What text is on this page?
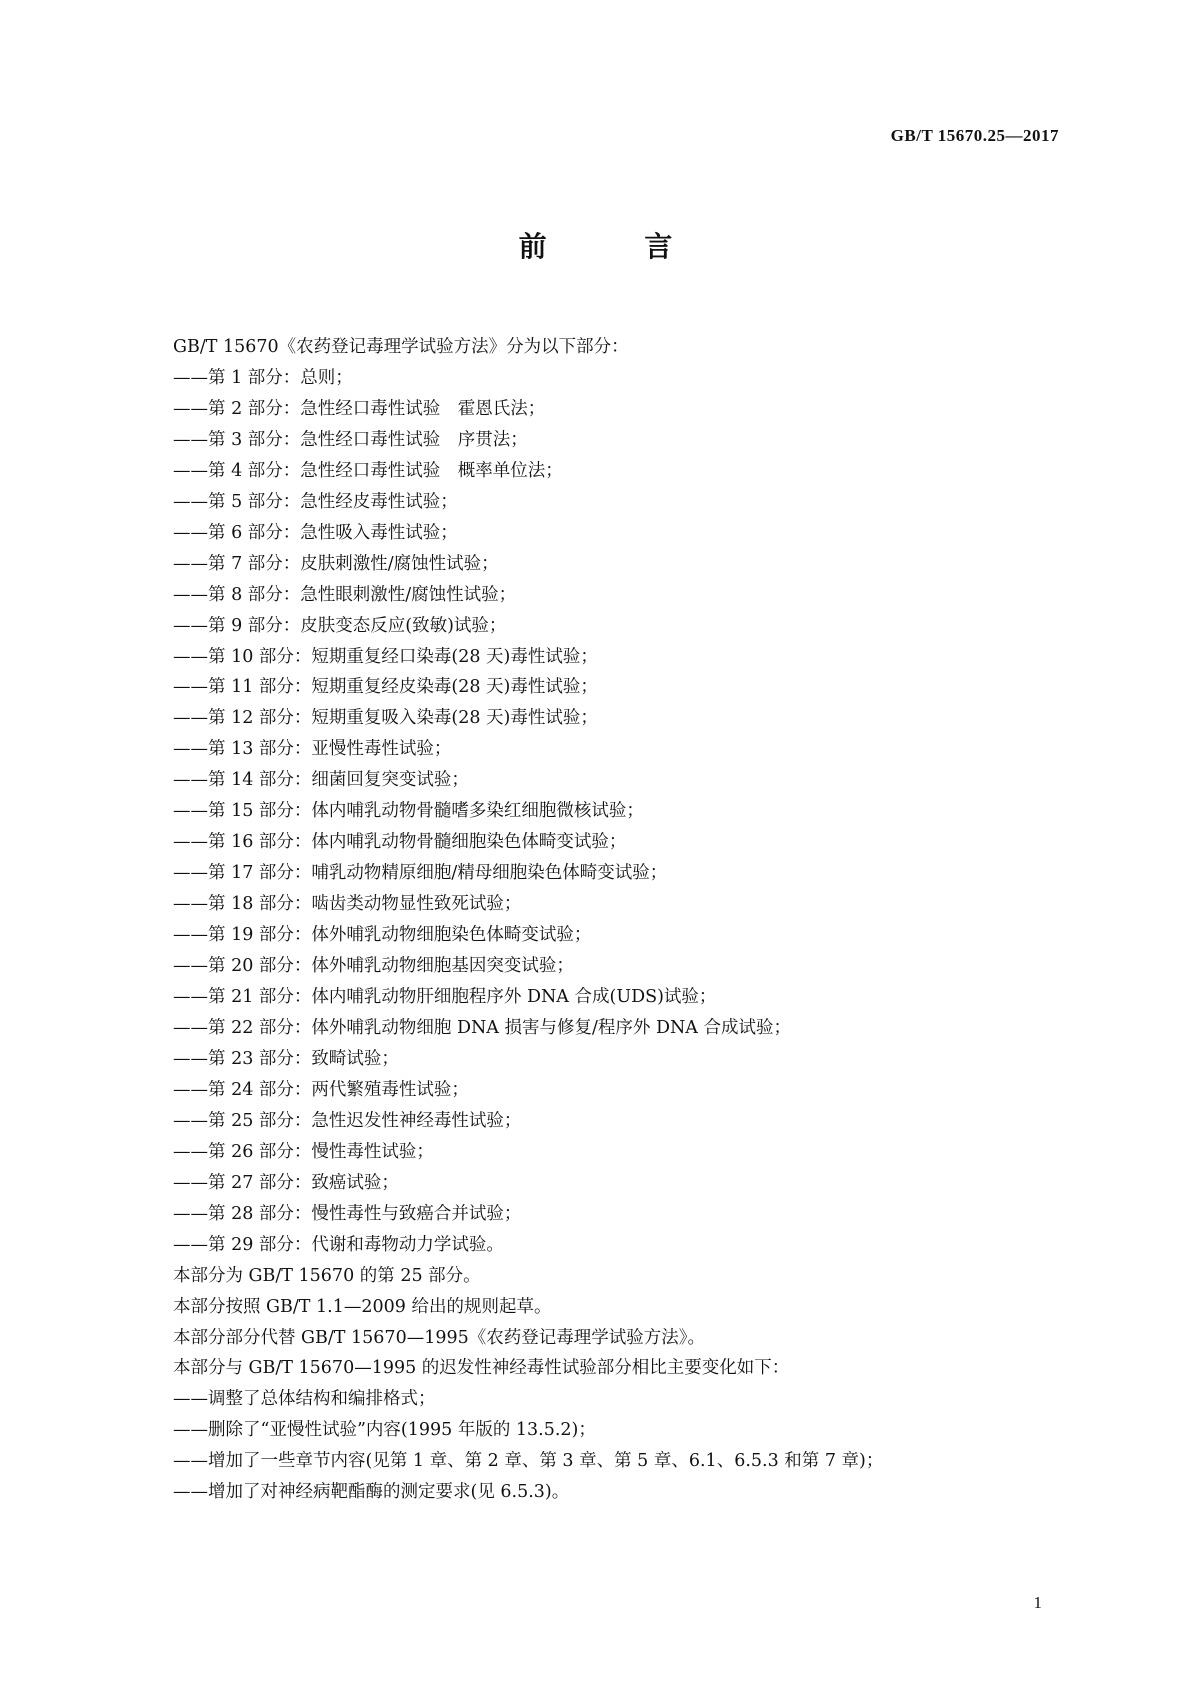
GB/T 15670.25—2017
前 言
GB/T 15670《农药登记毒理学试验方法》分为以下部分：
——第 1 部分：总则；
——第 2 部分：急性经口毒性试验　霍恩氏法；
——第 3 部分：急性经口毒性试验　序贯法；
——第 4 部分：急性经口毒性试验　概率单位法；
——第 5 部分：急性经皮毒性试验；
——第 6 部分：急性吸入毒性试验；
——第 7 部分：皮肤刺激性/腐蚀性试验；
——第 8 部分：急性眼刺激性/腐蚀性试验；
——第 9 部分：皮肤变态反应(致敏)试验；
——第 10 部分：短期重复经口染毒(28 天)毒性试验；
——第 11 部分：短期重复经皮染毒(28 天)毒性试验；
——第 12 部分：短期重复吸入染毒(28 天)毒性试验；
——第 13 部分：亚慢性毒性试验；
——第 14 部分：细菌回复突变试验；
——第 15 部分：体内哺乳动物骨髓嗜多染红细胞微核试验；
——第 16 部分：体内哺乳动物骨髓细胞染色体畸变试验；
——第 17 部分：哺乳动物精原细胞/精母细胞染色体畸变试验；
——第 18 部分：啮齿类动物显性致死试验；
——第 19 部分：体外哺乳动物细胞染色体畸变试验；
——第 20 部分：体外哺乳动物细胞基因突变试验；
——第 21 部分：体内哺乳动物肝细胞程序外 DNA 合成(UDS)试验；
——第 22 部分：体外哺乳动物细胞 DNA 损害与修复/程序外 DNA 合成试验；
——第 23 部分：致畸试验；
——第 24 部分：两代繁殖毒性试验；
——第 25 部分：急性迟发性神经毒性试验；
——第 26 部分：慢性毒性试验；
——第 27 部分：致癌试验；
——第 28 部分：慢性毒性与致癌合并试验；
——第 29 部分：代谢和毒物动力学试验。
本部分为 GB/T 15670 的第 25 部分。
本部分按照 GB/T 1.1—2009 给出的规则起草。
本部分部分代替 GB/T 15670—1995《农药登记毒理学试验方法》。
本部分与 GB/T 15670—1995 的迟发性神经毒性试验部分相比主要变化如下：
——调整了总体结构和编排格式；
——删除了“亚慢性试验”内容(1995 年版的 13.5.2)；
——增加了一些章节内容(见第 1 章、第 2 章、第 3 章、第 5 章、6.1、6.5.3 和第 7 章)；
——增加了对神经病靶酯酶的测定要求(见 6.5.3)。
1
